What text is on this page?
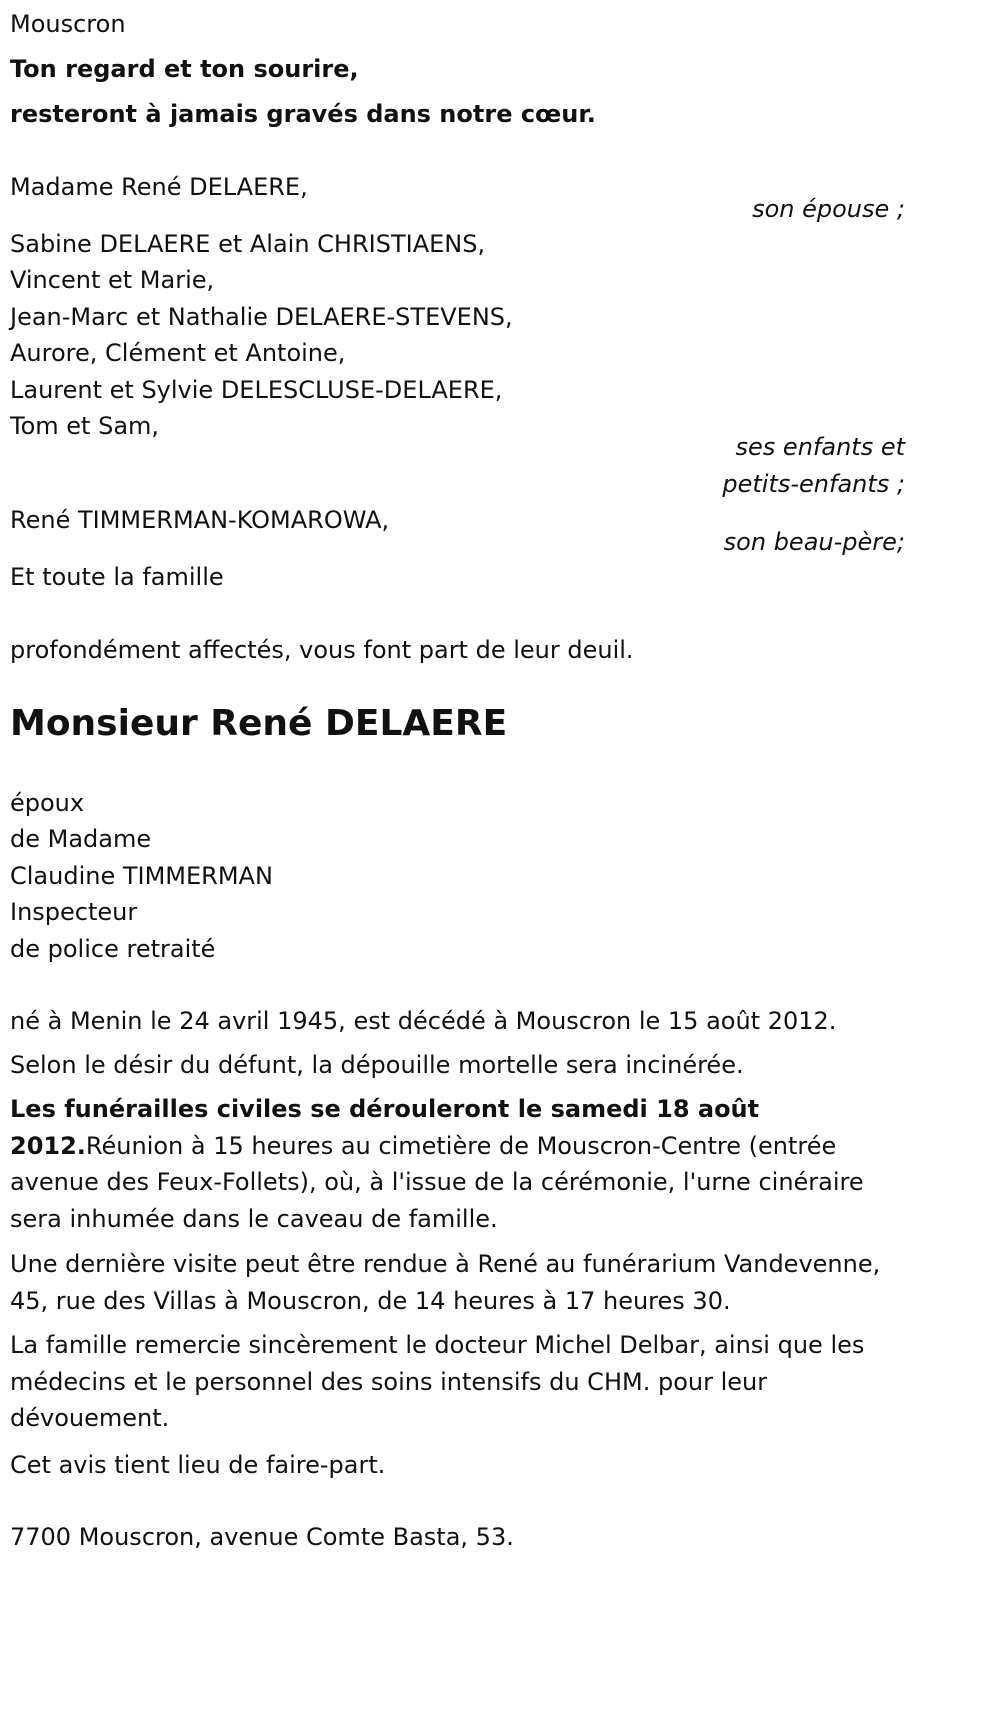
Mouscron
Ton regard et ton sourire,
resteront à jamais gravés dans notre cœur.
Madame René DELAERE,
son épouse ;
Sabine DELAERE et Alain CHRISTIAENS,
Vincent et Marie,
Jean-Marc et Nathalie DELAERE-STEVENS,
Aurore, Clément et Antoine,
Laurent et Sylvie DELESCLUSE-DELAERE,
Tom et Sam,
ses enfants et
petits-enfants ;
René TIMMERMAN-KOMAROWA,
son beau-père;
Et toute la famille
profondément affectés, vous font part de leur deuil.
Monsieur René DELAERE
époux
de Madame
Claudine TIMMERMAN
Inspecteur
de police retraité
né à Menin le 24 avril 1945, est décédé à Mouscron le 15 août 2012.
Selon le désir du défunt, la dépouille mortelle sera incinérée.
Les funérailles civiles se dérouleront le samedi 18 août 2012.Réunion à 15 heures au cimetière de Mouscron-Centre (entrée avenue des Feux-Follets), où, à l'issue de la cérémonie, l'urne cinéraire sera inhumée dans le caveau de famille.
Une dernière visite peut être rendue à René au funérarium Vandevenne, 45, rue des Villas à Mouscron, de 14 heures à 17 heures 30.
La famille remercie sincèrement le docteur Michel Delbar, ainsi que les médecins et le personnel des soins intensifs du CHM. pour leur dévouement.
Cet avis tient lieu de faire-part.
7700 Mouscron, avenue Comte Basta, 53.
